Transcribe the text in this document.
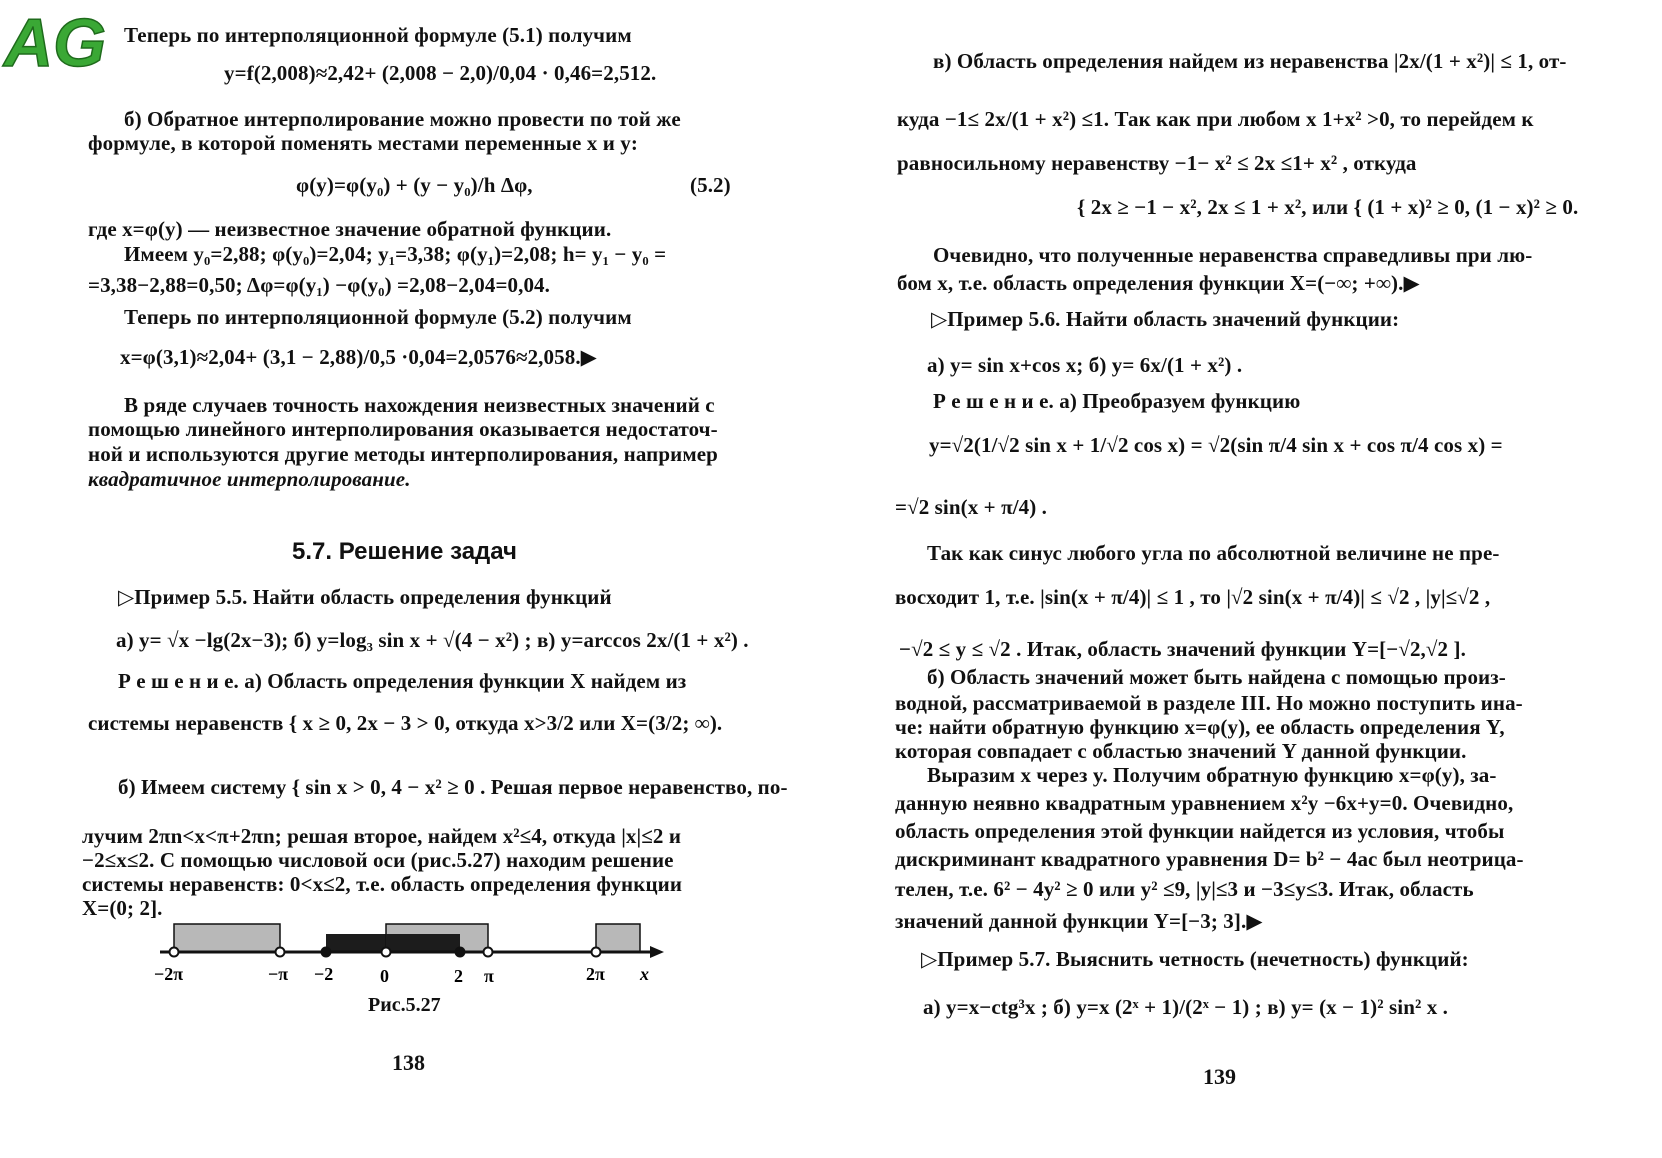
AG Теперь по интерполяционной формуле (5.1) получим
y=f(2,008)≈2,42+ (2,008 − 2,0)/0,04 · 0,46=2,512.
б) Обратное интерполирование можно провести по той же
формуле, в которой поменять местами переменные x и y:
φ(y)=φ(y₀) + (y − y₀)/h Δφ,	(5.2)
где x=φ(y) — неизвестное значение обратной функции.
Имеем y₀=2,88; φ(y₀)=2,04; y₁=3,38; φ(y₁)=2,08; h= y₁ − y₀ =
=3,38−2,88=0,50; Δφ=φ(y₁) −φ(y₀) =2,08−2,04=0,04.
Теперь по интерполяционной формуле (5.2) получим
x=φ(3,1)≈2,04+ (3,1 − 2,88)/0,5 ·0,04=2,0576≈2,058.▶
В ряде случаев точность нахождения неизвестных значений с
помощью линейного интерполирования оказывается недостаточ-
ной и используются другие методы интерполирования, например
квадратичное интерполирование.
5.7. Решение задач
▷Пример 5.5. Найти область определения функций
а) y= √x −lg(2x−3); б) y=log₃ sin x + √(4 − x²) ; в) y=arccos 2x/(1 + x²) .
Р е ш е н и е. а) Область определения функции X найдем из
системы неравенств { x ≥ 0, 2x − 3 > 0, откуда x>3/2 или X=(3/2; ∞).
б) Имеем систему { sin x > 0, 4 − x² ≥ 0 . Решая первое неравенство, по-
лучим 2πn<x<π+2πn; решая второе, найдем x²≤4, откуда |x|≤2 и
−2≤x≤2. С помощью числовой оси (рис.5.27) находим решение
системы неравенств: 0<x≤2, т.е. область определения функции
X=(0; 2].
−2π	−π −2	0	2 π	2π x
Рис.5.27
138
в) Область определения найдем из неравенства |2x/(1 + x²)| ≤ 1, от-
куда −1≤ 2x/(1 + x²) ≤1. Так как при любом x 1+x² >0, то перейдем к
равносильному неравенству −1− x² ≤ 2x ≤1+ x² , откуда
{ 2x ≥ −1 − x², 2x ≤ 1 + x², или { (1 + x)² ≥ 0, (1 − x)² ≥ 0.
Очевидно, что полученные неравенства справедливы при лю-
бом x, т.е. область определения функции X=(−∞; +∞).▶
▷Пример 5.6. Найти область значений функции:
а) y= sin x+cos x; б) y= 6x/(1 + x²) .
Р е ш е н и е. а) Преобразуем функцию
y=√2(1/√2 sin x + 1/√2 cos x) = √2(sin π/4 sin x + cos π/4 cos x) =
=√2 sin(x + π/4) .
Так как синус любого угла по абсолютной величине не пре-
восходит 1, т.е. |sin(x + π/4)| ≤ 1 , то |√2 sin(x + π/4)| ≤ √2 , |y|≤√2 ,
−√2 ≤ y ≤ √2 . Итак, область значений функции Y=[−√2,√2 ].
б) Область значений может быть найдена с помощью произ-
водной, рассматриваемой в разделе III. Но можно поступить ина-
че: найти обратную функцию x=φ(y), ее область определения Y,
которая совпадает с областью значений Y данной функции.
Выразим x через y. Получим обратную функцию x=φ(y), за-
данную неявно квадратным уравнением x²y −6x+y=0. Очевидно,
область определения этой функции найдется из условия, чтобы
дискриминант квадратного уравнения D= b² − 4ac был неотрица-
телен, т.е. 6² − 4y² ≥ 0 или y² ≤9, |y|≤3 и −3≤y≤3. Итак, область
значений данной функции Y=[−3; 3].▶
▷Пример 5.7. Выяснить четность (нечетность) функций:
а) y=x−ctg³x ; б) y=x (2ˣ + 1)/(2ˣ − 1) ; в) y= (x − 1)² sin² x .
139
